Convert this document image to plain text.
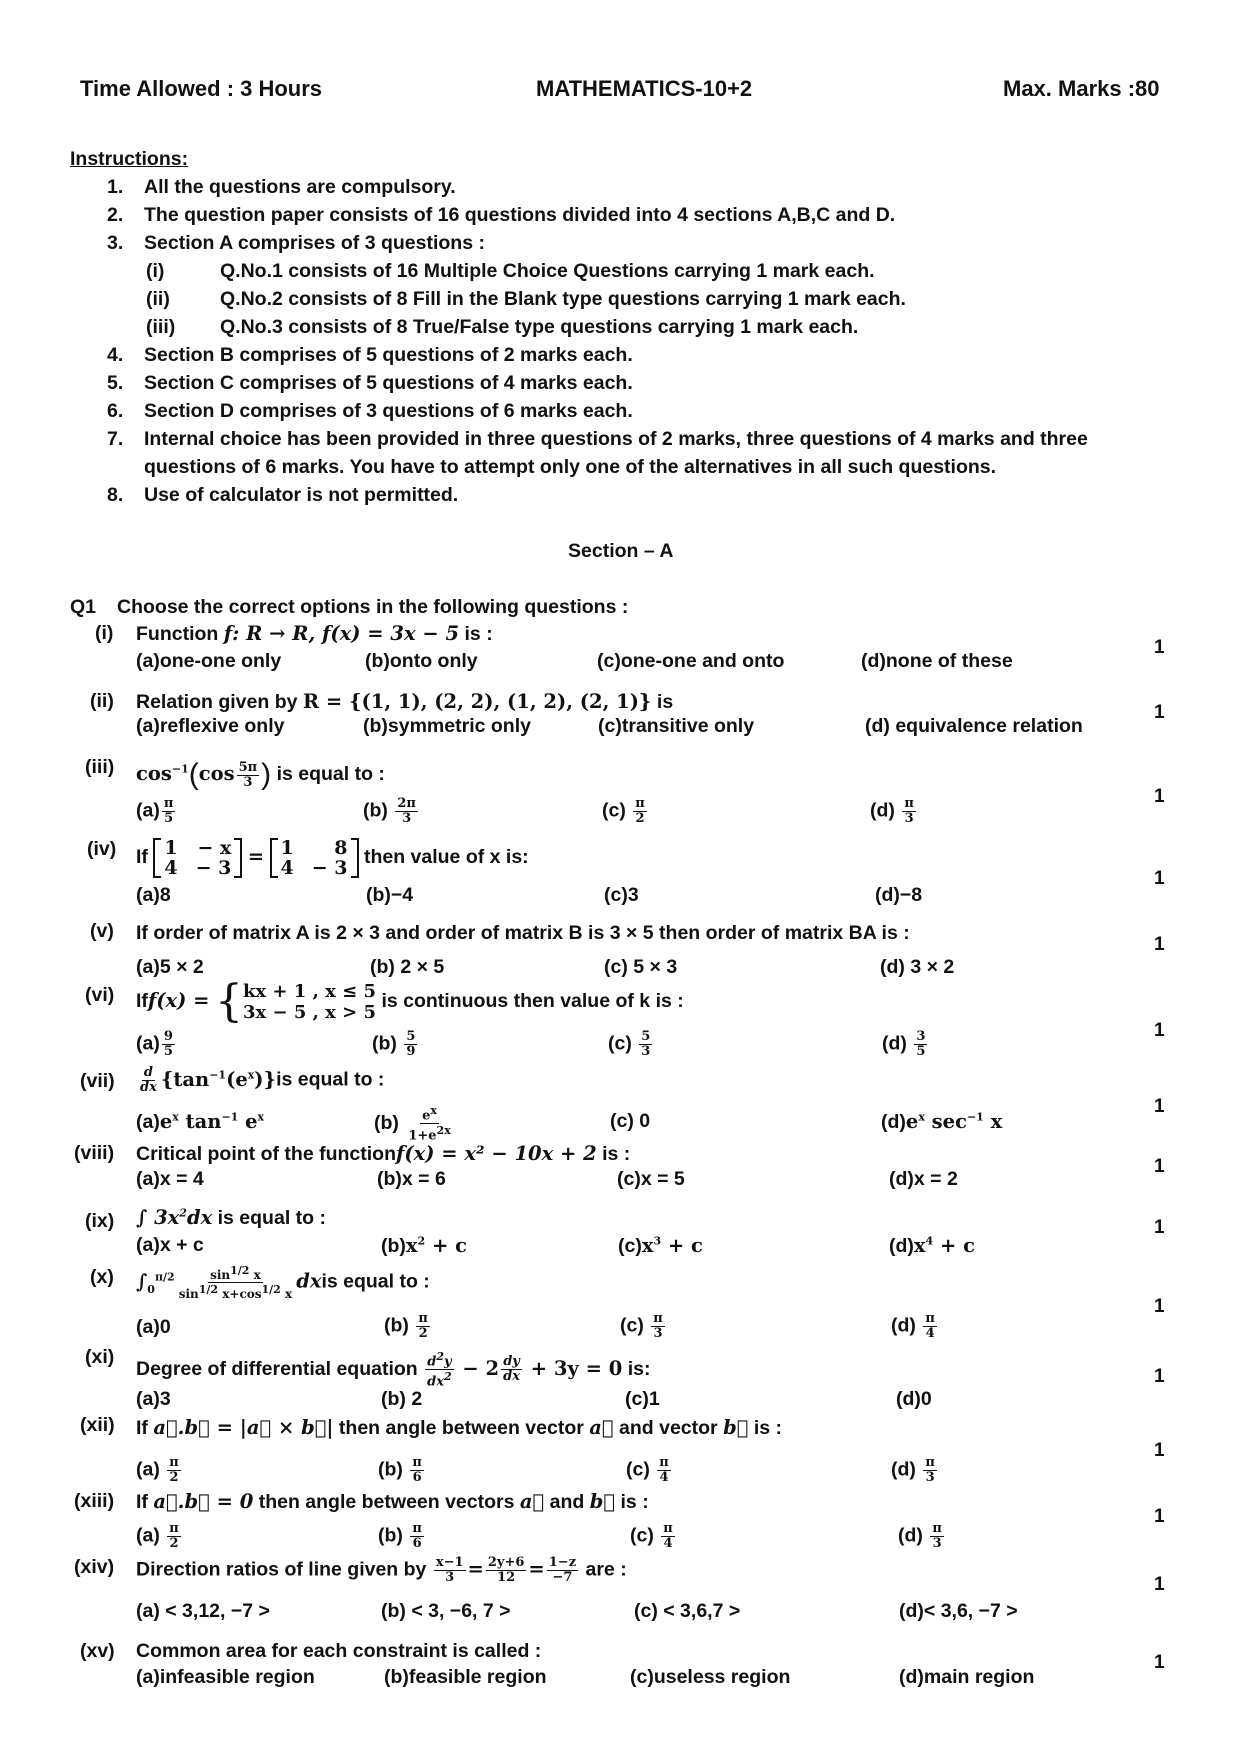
Time Allowed : 3 Hours	MATHEMATICS-10+2	Max. Marks :80
Instructions:
1. All the questions are compulsory.
2. The question paper consists of 16 questions divided into 4 sections A,B,C and D.
3. Section A comprises of 3 questions :
(i)	Q.No.1 consists of 16 Multiple Choice Questions carrying 1 mark each.
(ii)	Q.No.2 consists of 8 Fill in the Blank type questions carrying 1 mark each.
(iii) Q.No.3 consists of 8 True/False type questions carrying 1 mark each.
4. Section B comprises of 5 questions of 2 marks each.
5. Section C comprises of 5 questions of 4 marks each.
6. Section D comprises of 3 questions of 6 marks each.
7. Internal choice has been provided in three questions of 2 marks, three questions of 4 marks and three
questions of 6 marks. You have to attempt only one of the alternatives in all such questions.
8. Use of calculator is not permitted.
Section – A
Q1 Choose the correct options in the following questions :
(i) Function f: R → R, f(x) = 3x − 5 is :
(a)one-one only	(b)onto only	(c)one-one and onto	(d)none of these
1
(ii) Relation given by R = {(1, 1), (2, 2), (1, 2), (2, 1)} is
(a)reflexive only	(b)symmetric only	(c)transitive only	(d) equivalence relation
1
(iii) $\cos^{-1}(\cos \frac{5\pi}{3}$ ) is equal to :
$(a) \frac{\pi}{5}$	$(b) \frac{2\pi}{3}$	$(c) \frac{\pi}{2}$	$(d) \frac{\pi}{3}$
1
(iv) If 1 − x
4 − 3 = 1	8
4 − 3 then value of x is:
(a)8	(b)−4	(c)3	(d)−8
1
(v) If order of matrix A is 2 × 3 and order of matrix B is 3 × 5 then order of matrix BA is :
(a)5 × 2	(b) 2 × 5	(c) 5 × 3	(d) 3 × 2
1
(vi) Iff(x) = { kx + 1 , x ≤ 5
3x − 5 , x > 5
is continuous then value of k is :
$(a) \frac{9}{5}$	$(b) \frac{5}{9}$	$(c) \frac{5}{3}$	$(d) \frac{3}{5}$	1
$(vii) \frac{d}{dx} \{\tan^{-1}(e^x)\}is$ equal to :
$(a)e^x$ $\tan^{-1} e^x$	$(b) \frac{e^x}{1+e^{2x}}$	(c) 0	$(d)e^x$ $\sec^{-1} x$
1
(viii) Critical point of the functionf(x) = x² − 10x + 2 is :
(a)x = 4	(b)x = 6	(c)x = 5	(d)x = 2
1
(ix) ∫ $3x^2dx$ is equal to :
(a)x + c	$(b)x^2 + c$	$(c)x^3 + c$	$(d)x^4 + c$
1
(x) $\int_0^{\pi/2} \frac{\sin^{1/2} x}{\sin^{1/2} x+\cos^{1/2} x}$ dxis equal to :
(a)0	$(b) \frac{\pi}{2}$	$(c) \frac{\pi}{3}$	$(d) \frac{\pi}{4}$
1
(xi)
Degree of differential equation $\frac{d^2y}{dx^2} - 2 \frac{dy}{dx} + 3y = 0$ is:
(a)3	(b) 2	(c)1	(d)0
1
(xii) If a⃗.b⃗ = |a⃗ × b⃗| then angle between vector a⃗ and vector b⃗ is :
$(a) \frac{\pi}{2}$	$(b) \frac{\pi}{6}$	$(c) \frac{\pi}{4}$	$(d) \frac{\pi}{3}$
1
(xiii) If a⃗.b⃗ = 0 then angle between vectors a⃗ and b⃗ is :
$(a) \frac{\pi}{2}$	$(b) \frac{\pi}{6}$	$(c) \frac{\pi}{4}$	$(d) \frac{\pi}{3}$
1
(xiv) Direction ratios of line given by $\frac{x-1}{3} = \frac{2y+6}{12} = \frac{1-z}{-7}$ are :
(a) < 3,12, −7 >	(b) < 3, −6, 7 >	(c) < 3,6,7 >	(d)< 3,6, −7 >
1
(xv) Common area for each constraint is called :
(a)infeasible region	(b)feasible region	(c)useless region	(d)main region
1
